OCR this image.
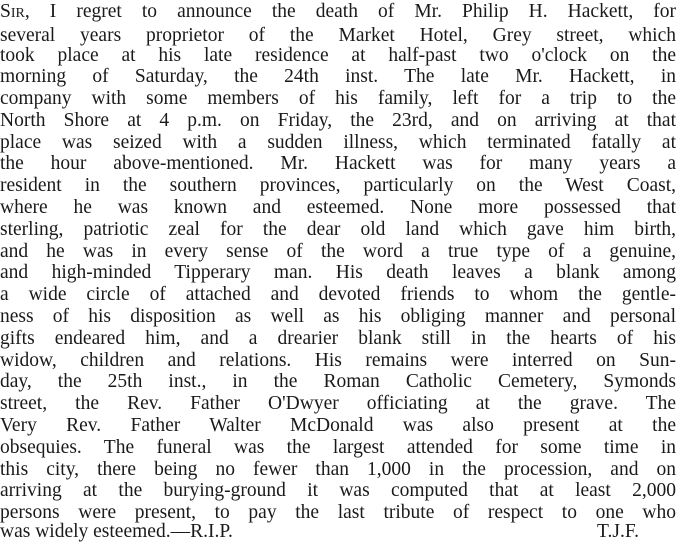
Sir, I regret to announce the death of Mr. Philip H. Hackett, for
several years proprietor of the Market Hotel, Grey street, which
took place at his late residence at half-past two o'clock on the
morning of Saturday, the 24th inst. The late Mr. Hackett, in
company with some members of his family, left for a trip to the
North Shore at 4 p.m. on Friday, the 23rd, and on arriving at that
place was seized with a sudden illness, which terminated fatally at
the hour above-mentioned. Mr. Hackett was for many years a
resident in the southern provinces, particularly on the West Coast,
where he was known and esteemed. None more possessed that
sterling, patriotic zeal for the dear old land which gave him birth,
and he was in every sense of the word a true type of a genuine,
and high-minded Tipperary man. His death leaves a blank among
a wide circle of attached and devoted friends to whom the gentle-
ness of his disposition as well as his obliging manner and personal
gifts endeared him, and a drearier blank still in the hearts of his
widow, children and relations. His remains were interred on Sun-
day, the 25th inst., in the Roman Catholic Cemetery, Symonds
street, the Rev. Father O'Dwyer officiating at the grave. The
Very Rev. Father Walter McDonald was also present at the
obsequies. The funeral was the largest attended for some time in
this city, there being no fewer than 1,000 in the procession, and on
arriving at the burying-ground it was computed that at least 2,000
persons were present, to pay the last tribute of respect to one who
was widely esteemed.—R.I.P.	T.J.F.
